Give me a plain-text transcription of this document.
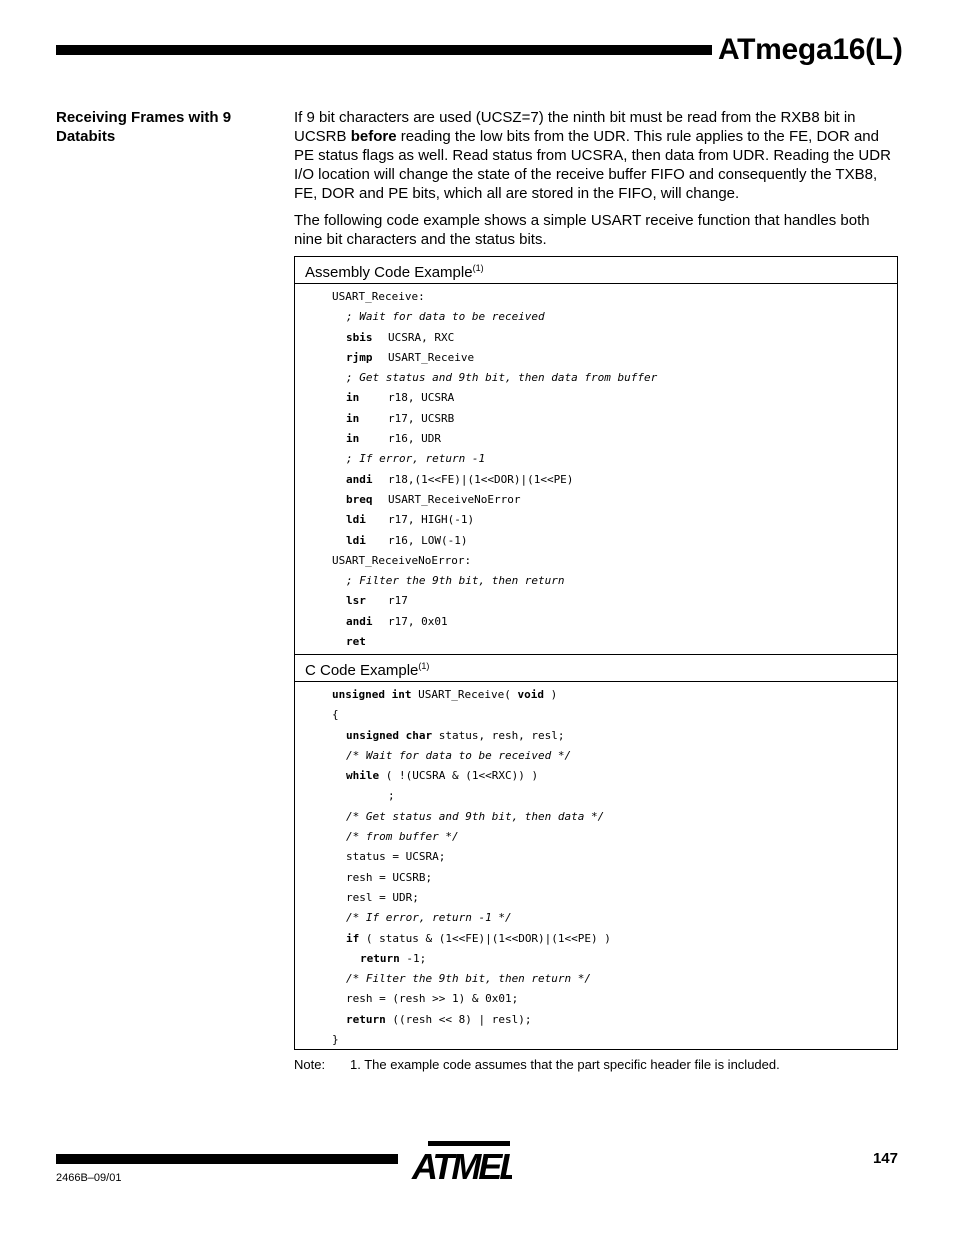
ATmega16(L)
Receiving Frames with 9 Databits

If 9 bit characters are used (UCSZ=7) the ninth bit must be read from the RXB8 bit in UCSRB before reading the low bits from the UDR. This rule applies to the FE, DOR and PE status flags as well. Read status from UCSRA, then data from UDR. Reading the UDR I/O location will change the state of the receive buffer FIFO and consequently the TXB8, FE, DOR and PE bits, which all are stored in the FIFO, will change.

The following code example shows a simple USART receive function that handles both nine bit characters and the status bits.

Assembly Code Example$^{(1)}$
USART_Receive:
; Wait for data to be received
sbis UCSRA, RXC
rjmp USART_Receive
; Get status and 9th bit, then data from buffer
in	r18, UCSRA
in	r17, UCSRB
in	r16, UDR
; If error, return -1
andi r18,(1<<FE)|(1<<DOR)|(1<<PE)
breq USART_ReceiveNoError
ldi r17, HIGH(-1)
ldi r16, LOW(-1)
USART_ReceiveNoError:
; Filter the 9th bit, then return
lsr r17
andi r17, 0x01
ret
C Code Example$^{(1)}$
unsigned int USART_Receive( void )
{
unsigned char status, resh, resl;
/* Wait for data to be received */
while ( !(UCSRA & (1<<RXC)) )
;
/* Get status and 9th bit, then data */
/* from buffer */
status = UCSRA;
resh = UCSRB;
resl = UDR;
/* If error, return -1 */
if ( status & (1<<FE)|(1<<DOR)|(1<<PE) )
return -1;
/* Filter the 9th bit, then return */
resh = (resh >> 1) & 0x01;
return ((resh << 8) | resl);
}
Note: 1. The example code assumes that the part specific header file is included.
ATMEL	147
2466B–09/01
